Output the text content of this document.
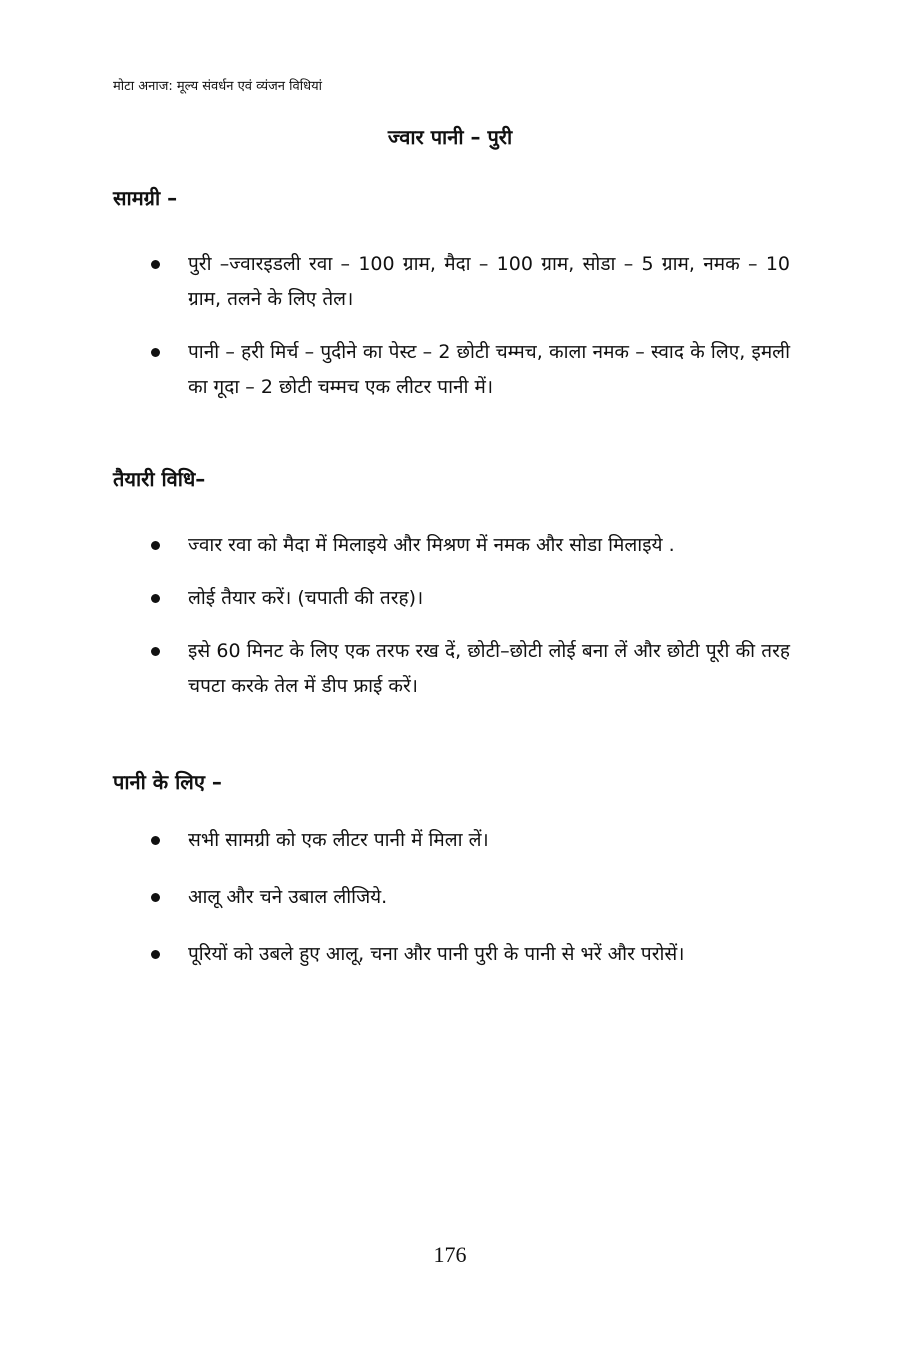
मोटा अनाज: मूल्य संवर्धन एवं व्यंजन विधियां
ज्वार पानी – पुरी
सामग्री –
पुरी –ज्वारइडली रवा – 100 ग्राम, मैदा – 100 ग्राम, सोडा – 5 ग्राम, नमक – 10 ग्राम, तलने के लिए तेल।
पानी – हरी मिर्च – पुदीने का पेस्ट – 2 छोटी चम्मच, काला नमक – स्वाद के लिए, इमली का गूदा – 2 छोटी चम्मच एक लीटर पानी में।
तैयारी विधि–
ज्वार रवा को मैदा में मिलाइये और मिश्रण में नमक और सोडा मिलाइये .
लोई तैयार करें। (चपाती की तरह)।
इसे 60 मिनट के लिए एक तरफ रख दें, छोटी–छोटी लोई बना लें और छोटी पूरी की तरह चपटा करके तेल में डीप फ्राई करें।
पानी के लिए –
सभी सामग्री को एक लीटर पानी में मिला लें।
आलू और चने उबाल लीजिये.
पूरियों को उबले हुए आलू, चना और पानी पुरी के पानी से भरें और परोसें।
176
